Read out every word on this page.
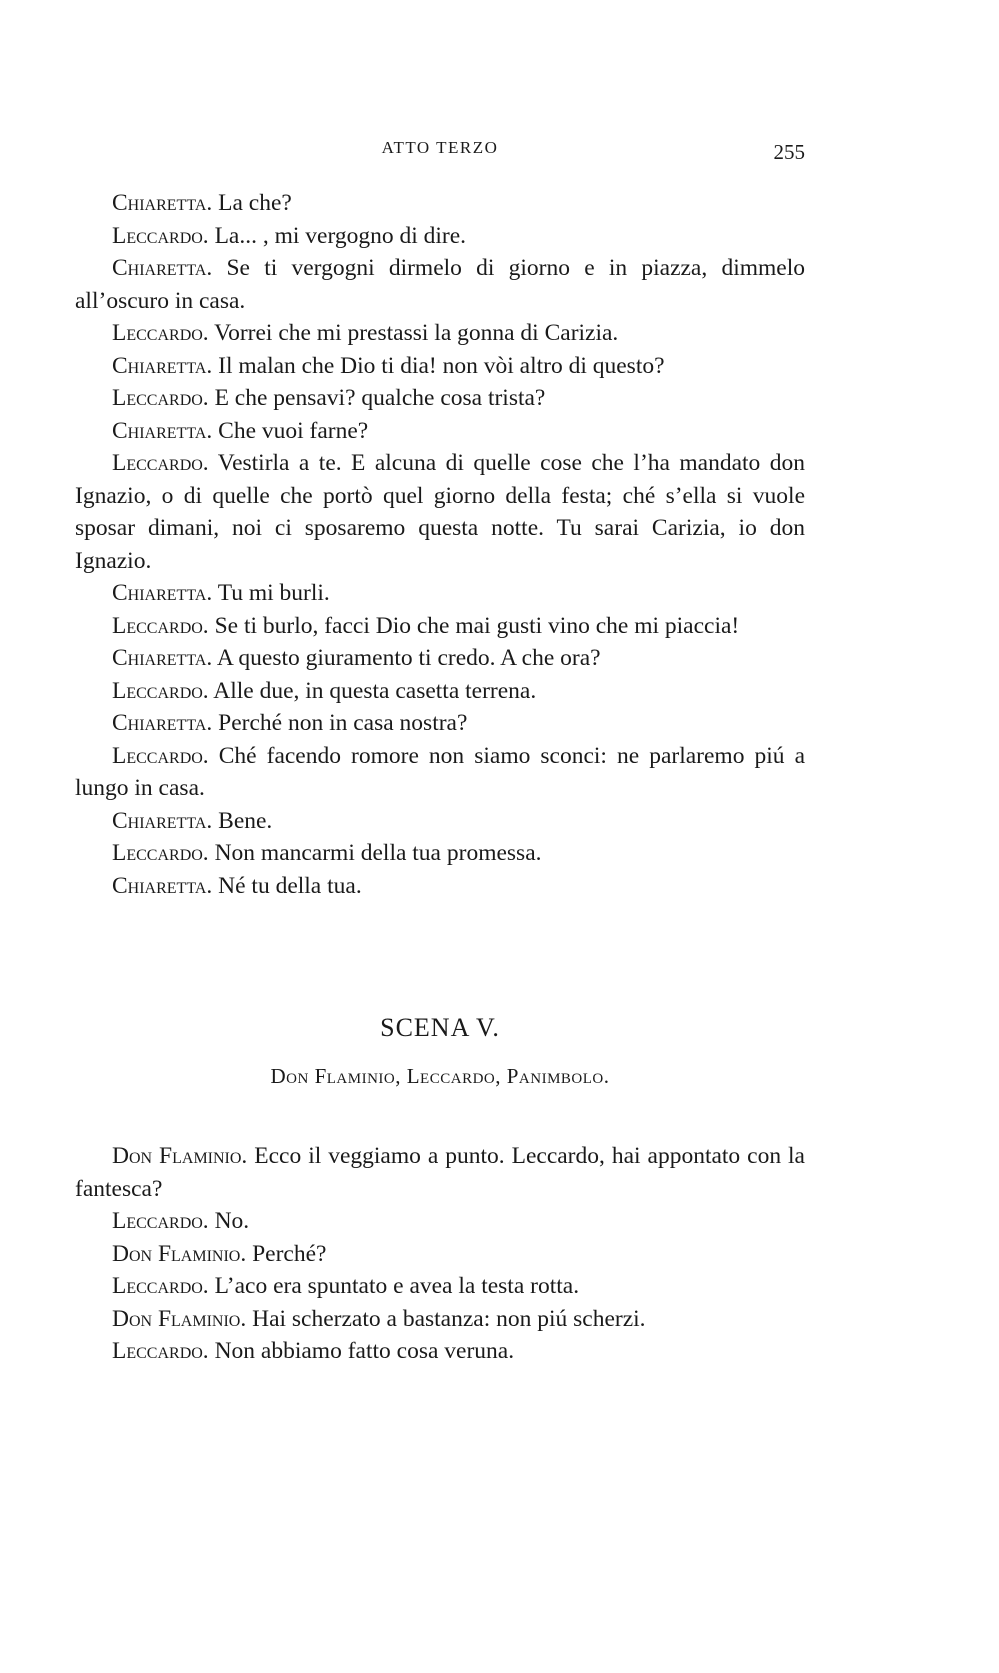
ATTO TERZO	255

Chiaretta. La che?

Leccardo. La... , mi vergogno di dire.

Chiaretta. Se ti vergogni dirmelo di giorno e in piazza, dimmelo all’oscuro in casa.

Leccardo. Vorrei che mi prestassi la gonna di Carizia.

Chiaretta. Il malan che Dio ti dia! non vòi altro di questo?

Leccardo. E che pensavi? qualche cosa trista?

Chiaretta. Che vuoi farne?

Leccardo. Vestirla a te. E alcuna di quelle cose che l’ha mandato don Ignazio, o di quelle che portò quel giorno della festa; ché s’ella si vuole sposar dimani, noi ci sposaremo questa notte. Tu sarai Carizia, io don Ignazio.

Chiaretta. Tu mi burli.

Leccardo. Se ti burlo, facci Dio che mai gusti vino che mi piaccia!

Chiaretta. A questo giuramento ti credo. A che ora?

Leccardo. Alle due, in questa casetta terrena.

Chiaretta. Perché non in casa nostra?

Leccardo. Ché facendo romore non siamo sconci: ne parlaremo piú a lungo in casa.

Chiaretta. Bene.

Leccardo. Non mancarmi della tua promessa.

Chiaretta. Né tu della tua.

SCENA V.
Don Flaminio, Leccardo, Panimbolo.

Don Flaminio. Ecco il veggiamo a punto. Leccardo, hai appontato con la fantesca?

Leccardo. No.

Don Flaminio. Perché?

Leccardo. L’aco era spuntato e avea la testa rotta.

Don Flaminio. Hai scherzato a bastanza: non piú scherzi.

Leccardo. Non abbiamo fatto cosa veruna.
